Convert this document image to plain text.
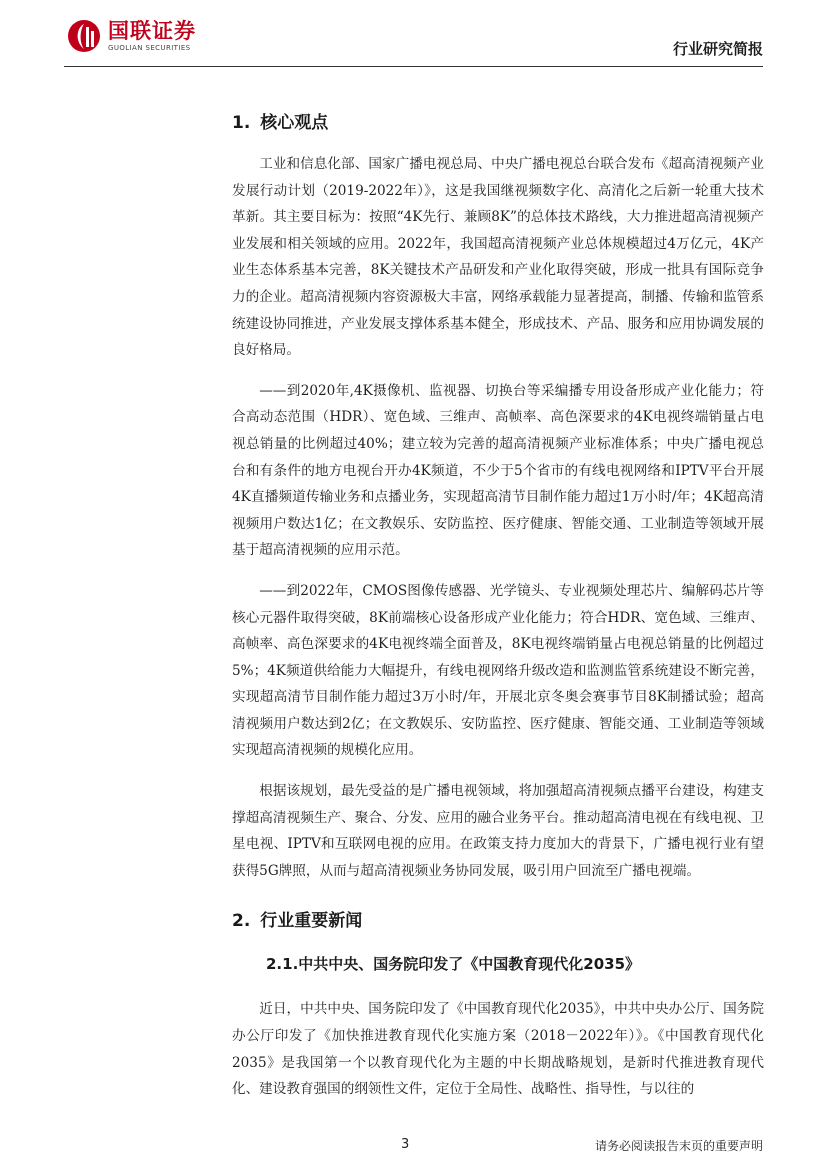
国联证券
GUOLIAN SECURITIES	行业研究简报
1. 核心观点

工业和信息化部、国家广播电视总局、中央广播电视总台联合发布《超高清视频产业发展行动计划（2019-2022年）》，这是我国继视频数字化、高清化之后新一轮重大技术革新。其主要目标为：按照“4K先行、兼顾8K”的总体技术路线，大力推进超高清视频产业发展和相关领域的应用。2022年，我国超高清视频产业总体规模超过4万亿元，4K产业生态体系基本完善，8K关键技术产品研发和产业化取得突破，形成一批具有国际竞争力的企业。超高清视频内容资源极大丰富，网络承载能力显著提高，制播、传输和监管系统建设协同推进，产业发展支撑体系基本健全，形成技术、产品、服务和应用协调发展的良好格局。

——到2020年,4K摄像机、监视器、切换台等采编播专用设备形成产业化能力；符合高动态范围（HDR）、宽色域、三维声、高帧率、高色深要求的4K电视终端销量占电视总销量的比例超过40%；建立较为完善的超高清视频产业标准体系；中央广播电视总台和有条件的地方电视台开办4K频道，不少于5个省市的有线电视网络和IPTV平台开展4K直播频道传输业务和点播业务，实现超高清节目制作能力超过1万小时/年；4K超高清视频用户数达1亿；在文教娱乐、安防监控、医疗健康、智能交通、工业制造等领域开展基于超高清视频的应用示范。

——到2022年，CMOS图像传感器、光学镜头、专业视频处理芯片、编解码芯片等核心元器件取得突破，8K前端核心设备形成产业化能力；符合HDR、宽色域、三维声、高帧率、高色深要求的4K电视终端全面普及，8K电视终端销量占电视总销量的比例超过5%；4K频道供给能力大幅提升，有线电视网络升级改造和监测监管系统建设不断完善，实现超高清节目制作能力超过3万小时/年，开展北京冬奥会赛事节目8K制播试验；超高清视频用户数达到2亿；在文教娱乐、安防监控、医疗健康、智能交通、工业制造等领域实现超高清视频的规模化应用。

根据该规划，最先受益的是广播电视领域，将加强超高清视频点播平台建设，构建支撑超高清视频生产、聚合、分发、应用的融合业务平台。推动超高清电视在有线电视、卫星电视、IPTV和互联网电视的应用。在政策支持力度加大的背景下，广播电视行业有望获得5G牌照，从而与超高清视频业务协同发展，吸引用户回流至广播电视端。

2. 行业重要新闻
2.1.中共中央、国务院印发了《中国教育现代化2035》

近日，中共中央、国务院印发了《中国教育现代化2035》，中共中央办公厅、国务院办公厅印发了《加快推进教育现代化实施方案（2018－2022年）》。《中国教育现代化2035》是我国第一个以教育现代化为主题的中长期战略规划，是新时代推进教育现代化、建设教育强国的纲领性文件，定位于全局性、战略性、指导性，与以往的

3	请务必阅读报告末页的重要声明
